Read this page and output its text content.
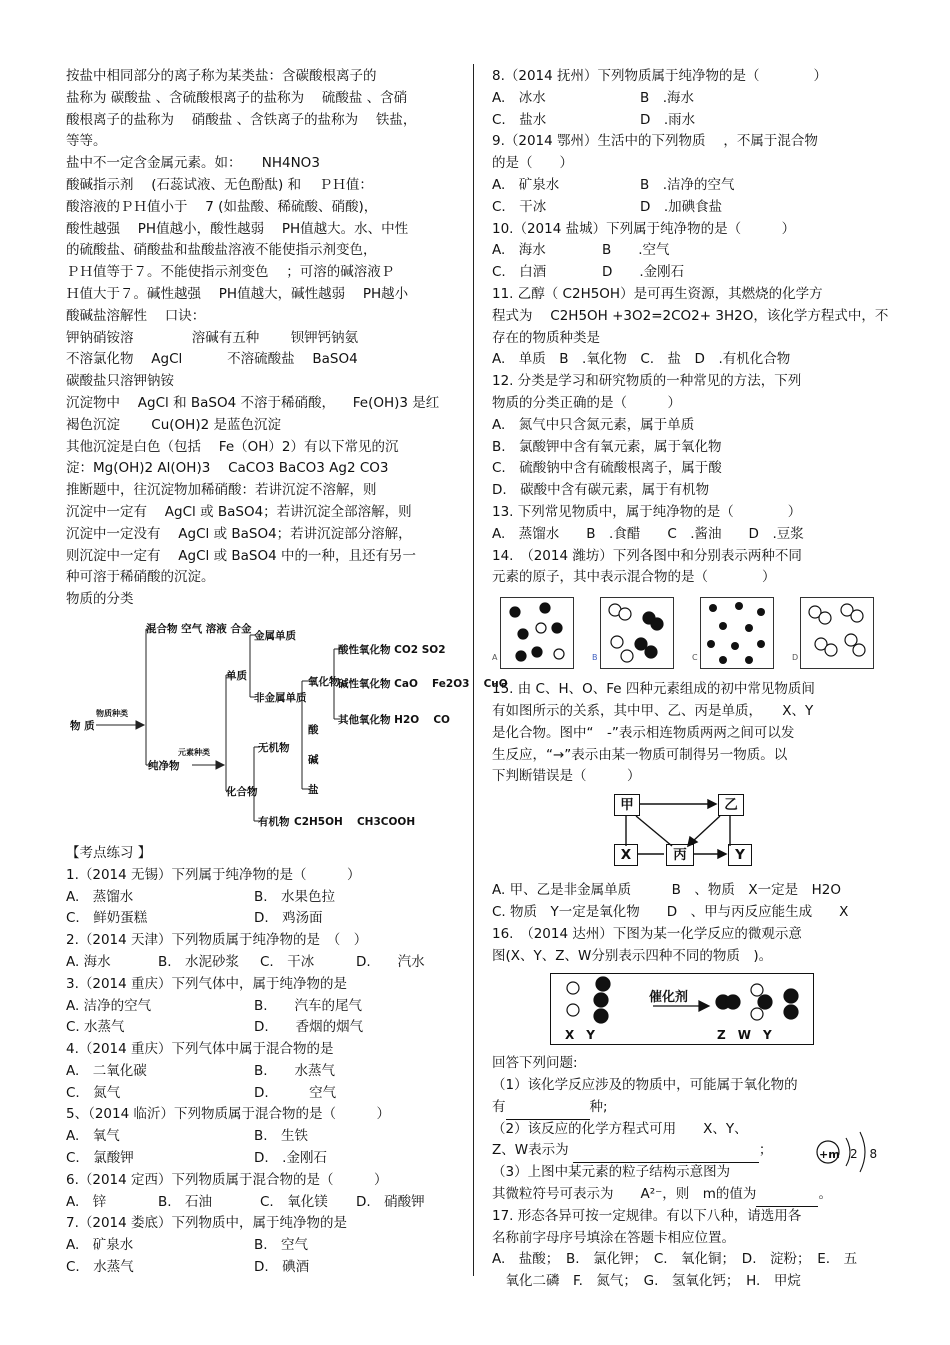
按盐中相同部分的离子称为某类盐：含碳酸根离子的
盐称为 碳酸盐 、含硫酸根离子的盐称为 　硫酸盐 、含硝
酸根离子的盐称为 　硝酸盐 、含铁离子的盐称为 　铁盐，
等等。
盐中不一定含金属元素。如：　　NH4NO3
酸碱指示剂 　(石蕊试液、无色酚酞) 和 　ＰＨ值：
酸溶液的ＰＨ值小于 　7 (如盐酸、稀硫酸、硝酸)，
酸性越强 　PH值越小，酸性越弱 　PH值越大。水、中性
的硫酸盐、硝酸盐和盐酸盐溶液不能使指示剂变色，
ＰＨ值等于７。不能使指示剂变色 　；可溶的碱溶液Ｐ
Ｈ值大于７。碱性越强 　PH值越大，碱性越弱 　PH越小
酸碱盐溶解性 　口诀：
钾钠硝铵溶 　　　　溶碱有五种 　　钡钾钙钠氨
不溶氯化物 　AgCl 　　　不溶硫酸盐 　BaSO4
碳酸盐只溶钾钠铵
沉淀物中 　AgCl 和 BaSO4 不溶于稀硝酸， 　Fe(OH)3 是红
褐色沉淀 　　Cu(OH)2 是蓝色沉淀
其他沉淀是白色（包括 　Fe（OH）2）有以下常见的沉
淀：Mg(OH)2 Al(OH)3 　CaCO3 BaCO3 Ag2 CO3
推断题中，往沉淀物加稀硝酸：若讲沉淀不溶解，则
沉淀中一定有 　AgCl 或 BaSO4；若讲沉淀全部溶解，则
沉淀中一定没有 　AgCl 或 BaSO4；若讲沉淀部分溶解，
则沉淀中一定有 　AgCl 或 BaSO4 中的一种，且还有另一
种可溶于稀硝酸的沉淀。
物质的分类
物 质
物质种类
混合物 空气 溶液 合金
纯净物
元素种类
单质
金属单质
非金属单质
化合物
无机物
有机物 C2H5OH 　CH3COOH
氧化物
酸
碱
盐
酸性氧化物 CO2 SO2
碱性氧化物 CaO 　Fe2O3 　CuO
其他氧化物 H2O 　CO
【考点练习 】
1.（2014 无锡）下列属于纯净物的是（　　　）
A.　蒸馏水	B.　水果色拉
C.　鲜奶蛋糕	D.　鸡汤面
2.（2014 天津）下列物质属于纯净物的是　（　）
A. 海水	B.　水泥砂浆 C.　干冰	D.　　汽水
3.（2014 重庆）下列气体中，属于纯净物的是
A. 洁净的空气	B.　　汽车的尾气
C. 水蒸气	D.　　香烟的烟气
4.（2014 重庆）下列气体中属于混合物的是
A.　二氧化碳	B.　　水蒸气
C.　氮气	D.　　　空气
5、（2014 临沂）下列物质属于混合物的是（　　　）
A.　氧气	B.　生铁
C.　氯酸钾	D.　.金刚石
6.（2014 定西）下列物质属于混合物的是（　　　）
A.　锌	B.　石油	C.　氧化镁 D.　硝酸钾
7.（2014 娄底）下列物质中，属于纯净物的是
A.　矿泉水	B.　空气
C.　水蒸气	D.　碘酒
8.（2014 抚州）下列物质属于纯净物的是（　　　　）
A.　冰水	B　.海水
C.　盐水	D　.雨水
9.（2014 鄂州）生活中的下列物质 　，不属于混合物
的是（　　）
A.　矿泉水	B　.洁净的空气
C.　干冰	D　.加碘食盐
10.（2014 盐城）下列属于纯净物的是（　　　）
A.　海水	B　　.空气
C.　白酒	D　　.金刚石
11. 乙醇（ C2H5OH）是可再生资源，其燃烧的化学方
程式为 　C2H5OH +3O2=2CO2+ 3H2O，该化学方程式中，不
存在的物质种类是
A.　单质　B　.氧化物　C.　盐　D　.有机化合物
12. 分类是学习和研究物质的一种常见的方法，下列
物质的分类正确的是（　　　）
A.　氮气中只含氮元素，属于单质
B.　氯酸钾中含有氧元素，属于氧化物
C.　硫酸钠中含有硫酸根离子，属于酸
D.　碳酸中含有碳元素，属于有机物
13. 下列常见物质中，属于纯净物的是（　　　　）
A.　蒸馏水　　B　.食醋　　C　.酱油　　D　.豆浆
14.　（2014 潍坊）下列各图中和分别表示两种不同
元素的原子，其中表示混合物的是（　　　　）
A	B	C	D
15. 由 C、H、O、Fe 四种元素组成的初中常见物质间
有如图所示的关系，其中甲、乙、丙是单质，　　X、Y
是化合物。图中“　-”表示相连物质两两之间可以发
生反应，“→”表示由某一物质可制得另一物质。以
下判断错误是（　　　）
甲	乙
X	丙	Y
A. 甲、乙是非金属单质　　　B　、物质　X一定是　H2O
C. 物质　Y一定是氧化物　　D　、甲与丙反应能生成　　X
16.　（2014 达州）下图为某一化学反应的微观示意
图(X、Y、Z、W分别表示四种不同的物质　)。
催化剂
X　Y	Z　W　Y
回答下列问题:
（1）该化学反应涉及的物质中，可能属于氧化物的
有	种;
（2）该反应的化学方程式可用　　X、Y、
Z、W表示为	；	+m 2 8
（3）上图中某元素的粒子结构示意图为
其微粒符号可表示为　　A²⁻，则　m的值为	。
17. 形态各异可按一定规律。有以下八种，请选用各
名称前字母序号填涂在答题卡相应位置。
A.　盐酸；　B.　氯化钾；　C.　氧化铜；　D.　淀粉；　E.　五
　氧化二磷　F.　氮气；　G.　氢氧化钙；　H.　甲烷
